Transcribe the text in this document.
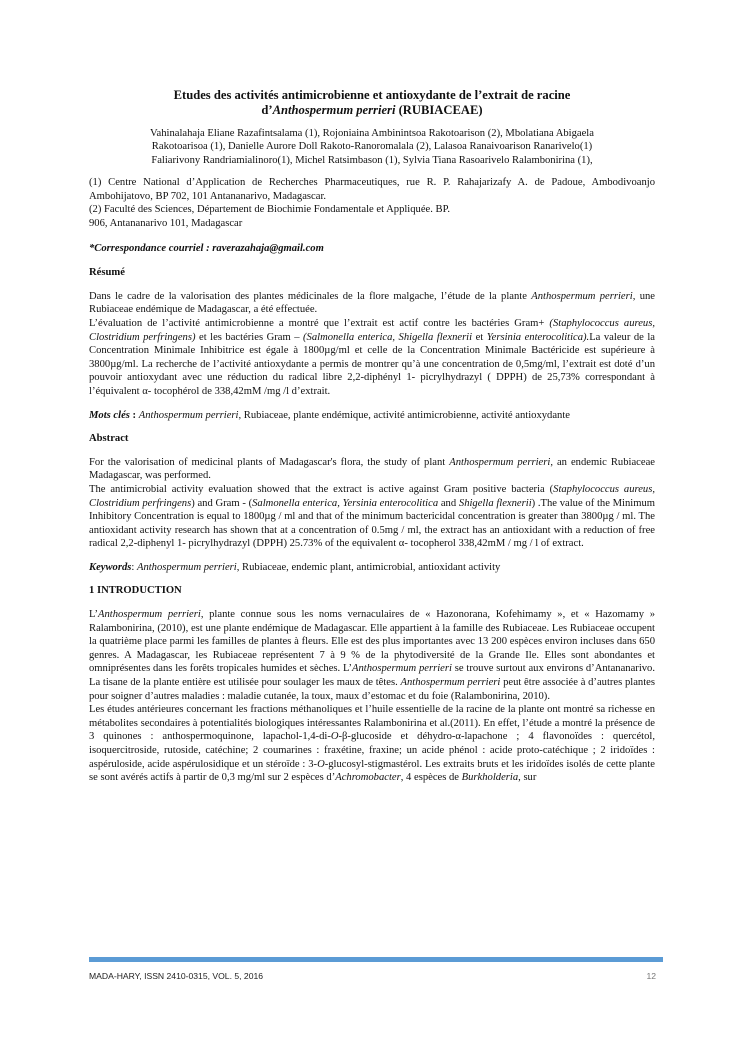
Etudes des activités antimicrobienne et antioxydante de l’extrait de racine
d’Anthospermum perrieri (RUBIACEAE)
Vahinalahaja Eliane Razafintsalama (1), Rojoniaina Ambinintsoa Rakotoarison (2), Mbolatiana Abigaela
Rakotoarisoa (1), Danielle Aurore Doll Rakoto-Ranoromalala (2), Lalasoa Ranaivoarison Ranarivelo(1)
Faliarivony Randriamialinoro(1), Michel Ratsimbason (1), Sylvia Tiana Rasoarivelo Ralambonirina (1),
(1) Centre National d’Application de Recherches Pharmaceutiques, rue R. P. Rahajarizafy A. de Padoue, Ambodivoanjo Ambohijatovo, BP 702, 101 Antananarivo, Madagascar.
(2) Faculté des Sciences, Département de Biochimie Fondamentale et Appliquée. BP.
906, Antananarivo 101, Madagascar
*Correspondance courriel : raverazahaja@gmail.com
Résumé

Dans le cadre de la valorisation des plantes médicinales de la flore malgache, l’étude de la plante Anthospermum perrieri, une Rubiaceae endémique de Madagascar, a été effectuée.

L’évaluation de l’activité antimicrobienne a montré que l’extrait est actif contre les bactéries Gram+ (Staphylococcus aureus, Clostridium perfringens) et les bactéries Gram – (Salmonella enterica, Shigella flexnerii et Yersinia enterocolitica).La valeur de la Concentration Minimale Inhibitrice est égale à 1800µg/ml et celle de la Concentration Minimale Bactéricide est supérieure à 3800µg/ml. La recherche de l’activité antioxydante a permis de montrer qu’à une concentration de 0,5mg/ml, l’extrait est doté d’un pouvoir antioxydant avec une réduction du radical libre 2,2-diphényl 1- picrylhydrazyl ( DPPH) de 25,73% correspondant à l’équivalent α- tocophérol de 338,42mM /mg /l d’extrait.

Mots clés : Anthospermum perrieri, Rubiaceae, plante endémique, activité antimicrobienne, activité antioxydante

Abstract

For the valorisation of medicinal plants of Madagascar's flora, the study of plant Anthospermum perrieri, an endemic Rubiaceae Madagascar, was performed.

The antimicrobial activity evaluation showed that the extract is active against Gram positive bacteria (Staphylococcus aureus, Clostridium perfringens) and Gram - (Salmonella enterica, Yersinia enterocolitica and Shigella flexnerii) .The value of the Minimum Inhibitory Concentration is equal to 1800µg / ml and that of the minimum bactericidal concentration is greater than 3800µg / ml. The antioxidant activity research has shown that at a concentration of 0.5mg / ml, the extract has an antioxidant with a reduction of free radical 2,2-diphenyl 1- picrylhydrazyl (DPPH) 25.73% of the equivalent α- tocopherol 338,42mM / mg / l of extract.

Keywords: Anthospermum perrieri, Rubiaceae, endemic plant, antimicrobial, antioxidant activity

1 INTRODUCTION

L’Anthospermum perrieri, plante connue sous les noms vernaculaires de « Hazonorana, Kofehimamy », et « Hazomamy » Ralambonirina, (2010), est une plante endémique de Madagascar. Elle appartient à la famille des Rubiaceae. Les Rubiaceae occupent la quatrième place parmi les familles de plantes à fleurs. Elle est des plus importantes avec 13 200 espèces environ incluses dans 650 genres. A Madagascar, les Rubiaceae représentent 7 à 9 % de la phytodiversité de la Grande Ile. Elles sont abondantes et omniprésentes dans les forêts tropicales humides et sèches. L’Anthospermum perrieri se trouve surtout aux environs d’Antananarivo. La tisane de la plante entière est utilisée pour soulager les maux de têtes. Anthospermum perrieri peut être associée à d’autres plantes pour soigner d’autres maladies : maladie cutanée, la toux, maux d’estomac et du foie (Ralambonirina, 2010).

Les études antérieures concernant les fractions méthanoliques et l’huile essentielle de la racine de la plante ont montré sa richesse en métabolites secondaires à potentialités biologiques intéressantes Ralambonirina et al.(2011). En effet, l’étude a montré la présence de 3 quinones : anthospermoquinone, lapachol-1,4-di-O-β-glucoside et déhydro-α-lapachone ; 4 flavonoïdes : quercétol, isoquercitroside, rutoside, catéchine; 2 coumarines : fraxétine, fraxine; un acide phénol : acide proto-catéchique ; 2 iridoïdes : aspéruloside, acide aspérulosidique et un stéroïde : 3-O-glucosyl-stigmastérol. Les extraits bruts et les iridoïdes isolés de cette plante se sont avérés actifs à partir de 0,3 mg/ml sur 2 espèces d’Achromobacter, 4 espèces de Burkholderia, sur

MADA-HARY, ISSN 2410-0315, VOL. 5, 2016	12
